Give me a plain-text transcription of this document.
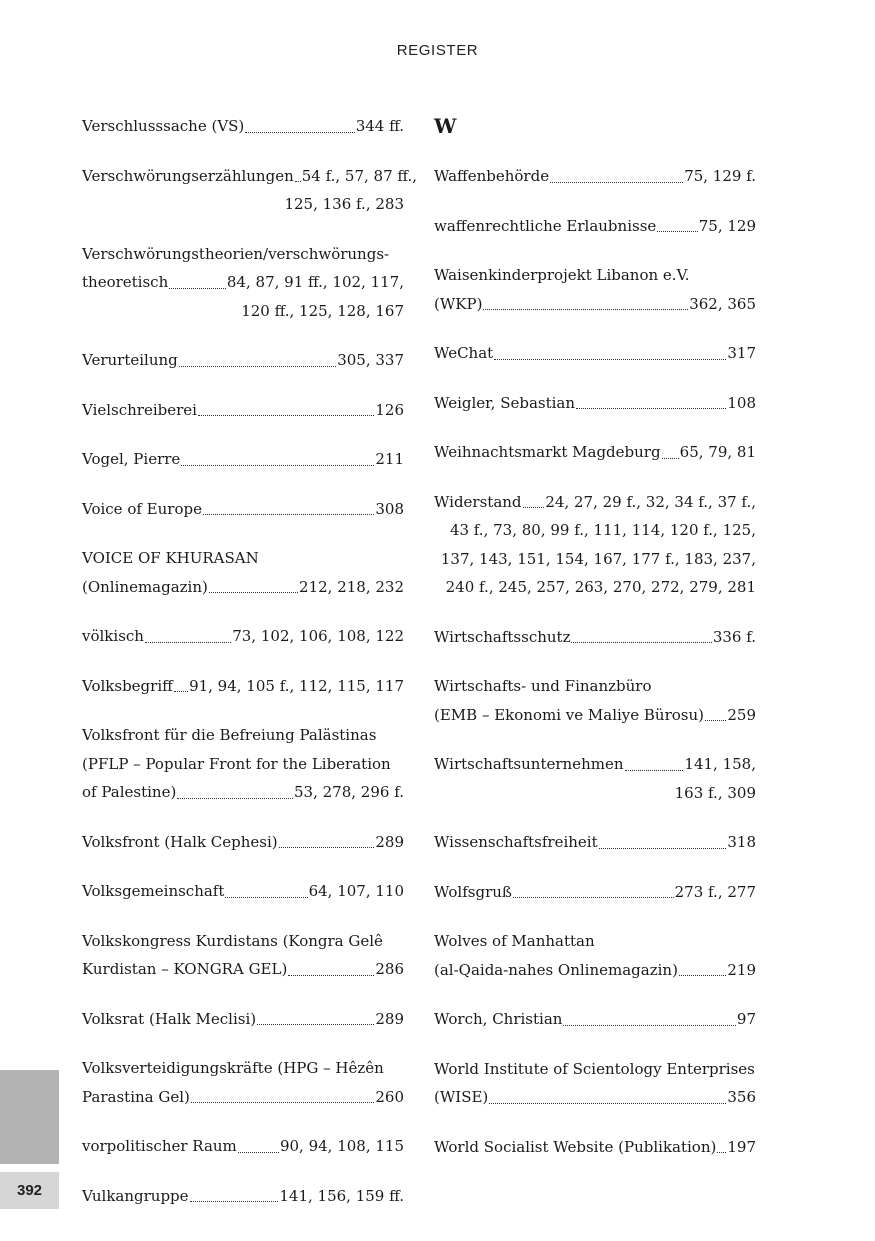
REGISTER
Verschlusssache (VS)	344 ff.
Verschwörungserzählungen 54 f., 57, 87 ff.,
125, 136 f., 283
Verschwörungstheorien/verschwörungs-
theoretisch	84, 87, 91 ff., 102, 117,
120 ff., 125, 128, 167
Verurteilung	305, 337
Vielschreiberei	126
Vogel, Pierre	211
Voice of Europe	308
VOICE OF KHURASAN
(Onlinemagazin)	212, 218, 232
völkisch	73, 102, 106, 108, 122
Volksbegriff 91, 94, 105 f., 112, 115, 117
Volksfront für die Befreiung Palästinas
(PFLP – Popular Front for the Liberation
of Palestine)	53, 278, 296 f.
Volksfront (Halk Cephesi)	289
Volksgemeinschaft	64, 107, 110
Volkskongress Kurdistans (Kongra Gelê
Kurdistan – KONGRA GEL)	286
Volksrat (Halk Meclisi)	289
Volksverteidigungskräfte (HPG – Hêzên
Parastina Gel)	260
vorpolitischer Raum	90, 94, 108, 115
Vulkangruppe	141, 156, 159 ff.
W
Waffenbehörde	75, 129 f.
waffenrechtliche Erlaubnisse	75, 129
Waisenkinderprojekt Libanon e.V.
(WKP)	362, 365
WeChat	317
Weigler, Sebastian	108
Weihnachtsmarkt Magdeburg 65, 79, 81
Widerstand 24, 27, 29 f., 32, 34 f., 37 f.,
43 f., 73, 80, 99 f., 111, 114, 120 f., 125,
137, 143, 151, 154, 167, 177 f., 183, 237,
240 f., 245, 257, 263, 270, 272, 279, 281
Wirtschaftsschutz	336 f.
Wirtschafts- und Finanzbüro
(EMB – Ekonomi ve Maliye Bürosu) 259
Wirtschaftsunternehmen	141, 158,
163 f., 309
Wissenschaftsfreiheit	318
Wolfsgruß	273 f., 277
Wolves of Manhattan
(al-Qaida-nahes Onlinemagazin)	219
Worch, Christian	97
World Institute of Scientology Enterprises
(WISE)	356
World Socialist Website (Publikation) 197
392
